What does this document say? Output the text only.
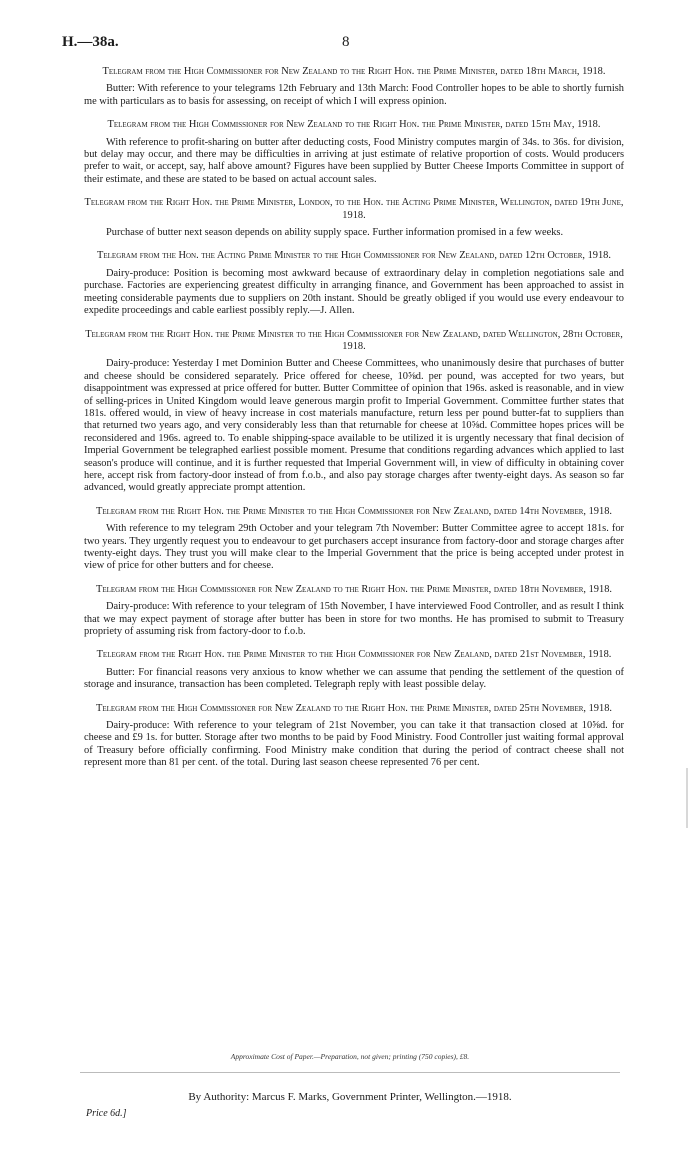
H.—38a.	8

Telegram from the High Commissioner for New Zealand to the Right Hon. the Prime Minister, dated 18th March, 1918.

Butter: With reference to your telegrams 12th February and 13th March: Food Controller hopes to be able to shortly furnish me with particulars as to basis for assessing, on receipt of which I will express opinion.

Telegram from the High Commissioner for New Zealand to the Right Hon. the Prime Minister, dated 15th May, 1918.

With reference to profit-sharing on butter after deducting costs, Food Ministry computes margin of 34s. to 36s. for division, but delay may occur, and there may be difficulties in arriving at just estimate of relative proportion of costs. Would producers prefer to wait, or accept, say, half above amount? Figures have been supplied by Butter Cheese Imports Committee in support of their estimate, and these are stated to be based on actual account sales.

Telegram from the Right Hon. the Prime Minister, London, to the Hon. the Acting Prime Minister, Wellington, dated 19th June, 1918.

Purchase of butter next season depends on ability supply space. Further information promised in a few weeks.

Telegram from the Hon. the Acting Prime Minister to the High Commissioner for New Zealand, dated 12th October, 1918.

Dairy-produce: Position is becoming most awkward because of extraordinary delay in completion negotiations sale and purchase. Factories are experiencing greatest difficulty in arranging finance, and Government has been approached to assist in meeting considerable payments due to suppliers on 20th instant. Should be greatly obliged if you would use every endeavour to expedite proceedings and cable earliest possibly reply.—J. Allen.

Telegram from the Right Hon. the Prime Minister to the High Commissioner for New Zealand, dated Wellington, 28th October, 1918.

Dairy-produce: Yesterday I met Dominion Butter and Cheese Committees, who unanimously desire that purchases of butter and cheese should be considered separately. Price offered for cheese, 10⅝d. per pound, was accepted for two years, but disappointment was expressed at price offered for butter. Butter Committee of opinion that 196s. asked is reasonable, and in view of selling-prices in United Kingdom would leave generous margin profit to Imperial Government. Committee further states that 181s. offered would, in view of heavy increase in cost materials manufacture, return less per pound butter-fat to suppliers than that returned two years ago, and very considerably less than that returnable for cheese at 10⅝d. Committee hopes prices will be reconsidered and 196s. agreed to. To enable shipping-space available to be utilized it is urgently necessary that final decision of Imperial Government be telegraphed earliest possible moment. Presume that conditions regarding advances which applied to last season's produce will continue, and it is further requested that Imperial Government will, in view of difficulty in obtaining cover here, accept risk from factory-door instead of from f.o.b., and also pay storage charges after twenty-eight days. As season so far advanced, would greatly appreciate prompt attention.

Telegram from the Right Hon. the Prime Minister to the High Commissioner for New Zealand, dated 14th November, 1918.

With reference to my telegram 29th October and your telegram 7th November: Butter Committee agree to accept 181s. for two years. They urgently request you to endeavour to get purchasers accept insurance from factory-door and storage charges after twenty-eight days. They trust you will make clear to the Imperial Government that the price is being accepted under protest in view of price for other butters and for cheese.

Telegram from the High Commissioner for New Zealand to the Right Hon. the Prime Minister, dated 18th November, 1918.

Dairy-produce: With reference to your telegram of 15th November, I have interviewed Food Controller, and as result I think that we may expect payment of storage after butter has been in store for two months. He has promised to submit to Treasury propriety of assuming risk from factory-door to f.o.b.

Telegram from the Right Hon. the Prime Minister to the High Commissioner for New Zealand, dated 21st November, 1918.

Butter: For financial reasons very anxious to know whether we can assume that pending the settlement of the question of storage and insurance, transaction has been completed. Telegraph reply with least possible delay.

Telegram from the High Commissioner for New Zealand to the Right Hon. the Prime Minister, dated 25th November, 1918.

Dairy-produce: With reference to your telegram of 21st November, you can take it that transaction closed at 10⅝d. for cheese and £9 1s. for butter. Storage after two months to be paid by Food Ministry. Food Controller just waiting formal approval of Treasury before officially confirming. Food Ministry make condition that during the period of contract cheese shall not represent more than 81 per cent. of the total. During last season cheese represented 76 per cent.

Approximate Cost of Paper.—Preparation, not given; printing (750 copies), £8.
By Authority: Marcus F. Marks, Government Printer, Wellington.—1918.
Price 6d.]
